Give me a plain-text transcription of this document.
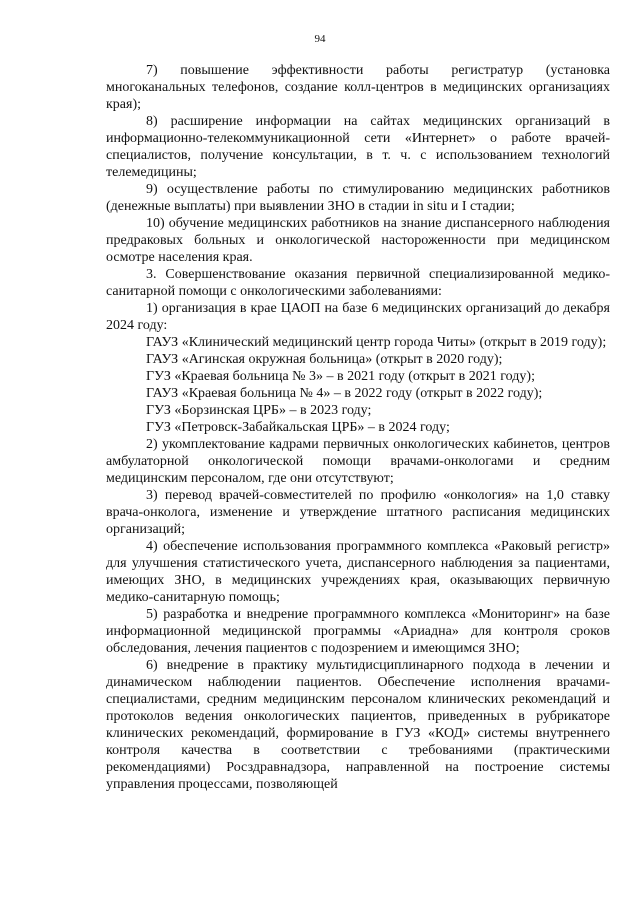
94

7) повышение эффективности работы регистратур (установка многоканальных телефонов, создание колл-центров в медицинских организациях края);

8) расширение информации на сайтах медицинских организаций в информационно-телекоммуникационной сети «Интернет» о работе врачей-специалистов, получение консультации, в т. ч. с использованием технологий телемедицины;

9) осуществление работы по стимулированию медицинских работников (денежные выплаты) при выявлении ЗНО в стадии in situ и I стадии;

10) обучение медицинских работников на знание диспансерного наблюдения предраковых больных и онкологической настороженности при медицинском осмотре населения края.

3. Совершенствование оказания первичной специализированной медико-санитарной помощи с онкологическими заболеваниями:

1) организация в крае ЦАОП на базе 6 медицинских организаций до декабря 2024 году:

ГАУЗ «Клинический медицинский центр города Читы» (открыт в 2019 году);

ГАУЗ «Агинская окружная больница» (открыт в 2020 году);

ГУЗ «Краевая больница № 3» – в 2021 году (открыт в 2021 году);

ГАУЗ «Краевая больница № 4» – в 2022 году (открыт в 2022 году);

ГУЗ «Борзинская ЦРБ» – в 2023 году;

ГУЗ «Петровск-Забайкальская ЦРБ» – в 2024 году;

2) укомплектование кадрами первичных онкологических кабинетов, центров амбулаторной онкологической помощи врачами-онкологами и средним медицинским персоналом, где они отсутствуют;

3) перевод врачей-совместителей по профилю «онкология» на 1,0 ставку врача-онколога, изменение и утверждение штатного расписания медицинских организаций;

4) обеспечение использования программного комплекса «Раковый регистр» для улучшения статистического учета, диспансерного наблюдения за пациентами, имеющих ЗНО, в медицинских учреждениях края, оказывающих первичную медико-санитарную помощь;

5) разработка и внедрение программного комплекса «Мониторинг» на базе информационной медицинской программы «Ариадна» для контроля сроков обследования, лечения пациентов с подозрением и имеющимся ЗНО;

6) внедрение в практику мультидисциплинарного подхода в лечении и динамическом наблюдении пациентов. Обеспечение исполнения врачами-специалистами, средним медицинским персоналом клинических рекомендаций и протоколов ведения онкологических пациентов, приведенных в рубрикаторе клинических рекомендаций, формирование в ГУЗ «КОД» системы внутреннего контроля качества в соответствии с требованиями (практическими рекомендациями) Росздравнадзора, направленной на построение системы управления процессами, позволяющей
